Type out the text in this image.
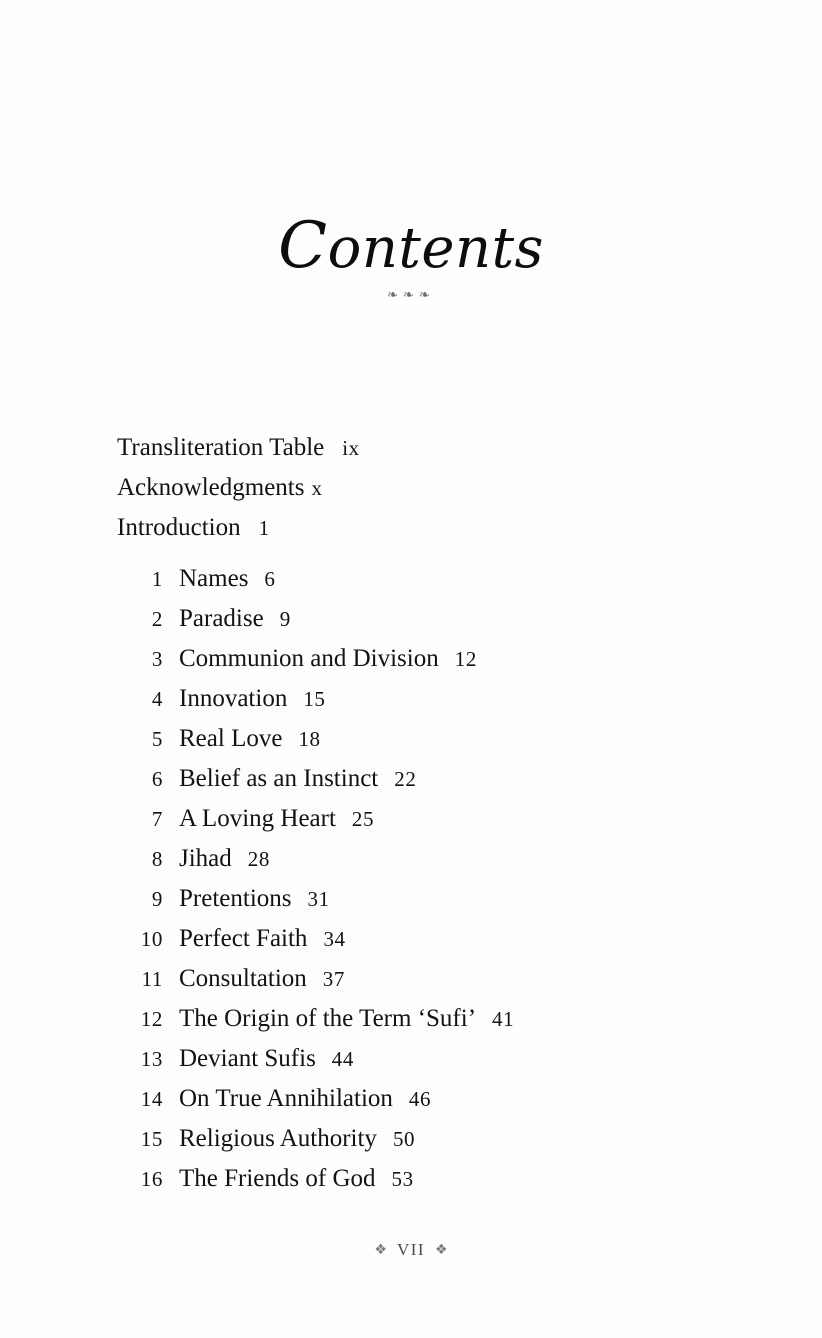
Contents
❧❧❧
Transliteration Table ix
Acknowledgments x
Introduction 1
1 Names 6
2 Paradise 9
3 Communion and Division 12
4 Innovation 15
5 Real Love 18
6 Belief as an Instinct 22
7 A Loving Heart 25
8 Jihad 28
9 Pretentions 31
10 Perfect Faith 34
11 Consultation 37
12 The Origin of the Term ‘Sufi’ 41
13 Deviant Sufis 44
14 On True Annihilation 46
15 Religious Authority 50
16 The Friends of God 53
❖ VII ❖
